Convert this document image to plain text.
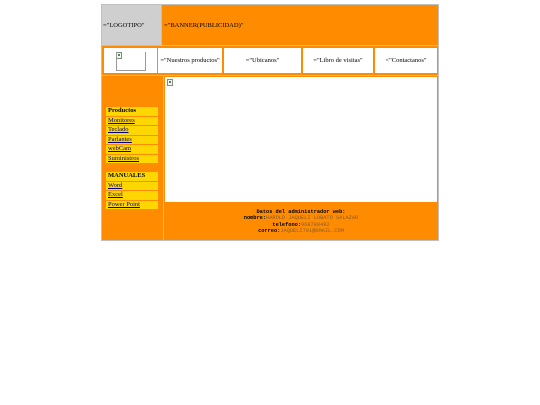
="LOGOTIPO"	="BANNER(PUBLICIDAD)"
="Nuestros productos"	="Ubicanos"	="Libro de visitas"	<"Contactanos"
Productos
Monitores
Teclado
Parlantes
webCam
Suministros
MANUALES
Word
Excel
Power Point
Datos del administrador web:
nombre:HAROLD JAQUELI LOBATO SALAZAR
telefono:968789492
correo:JAQUELI701@GMAIL.COM
